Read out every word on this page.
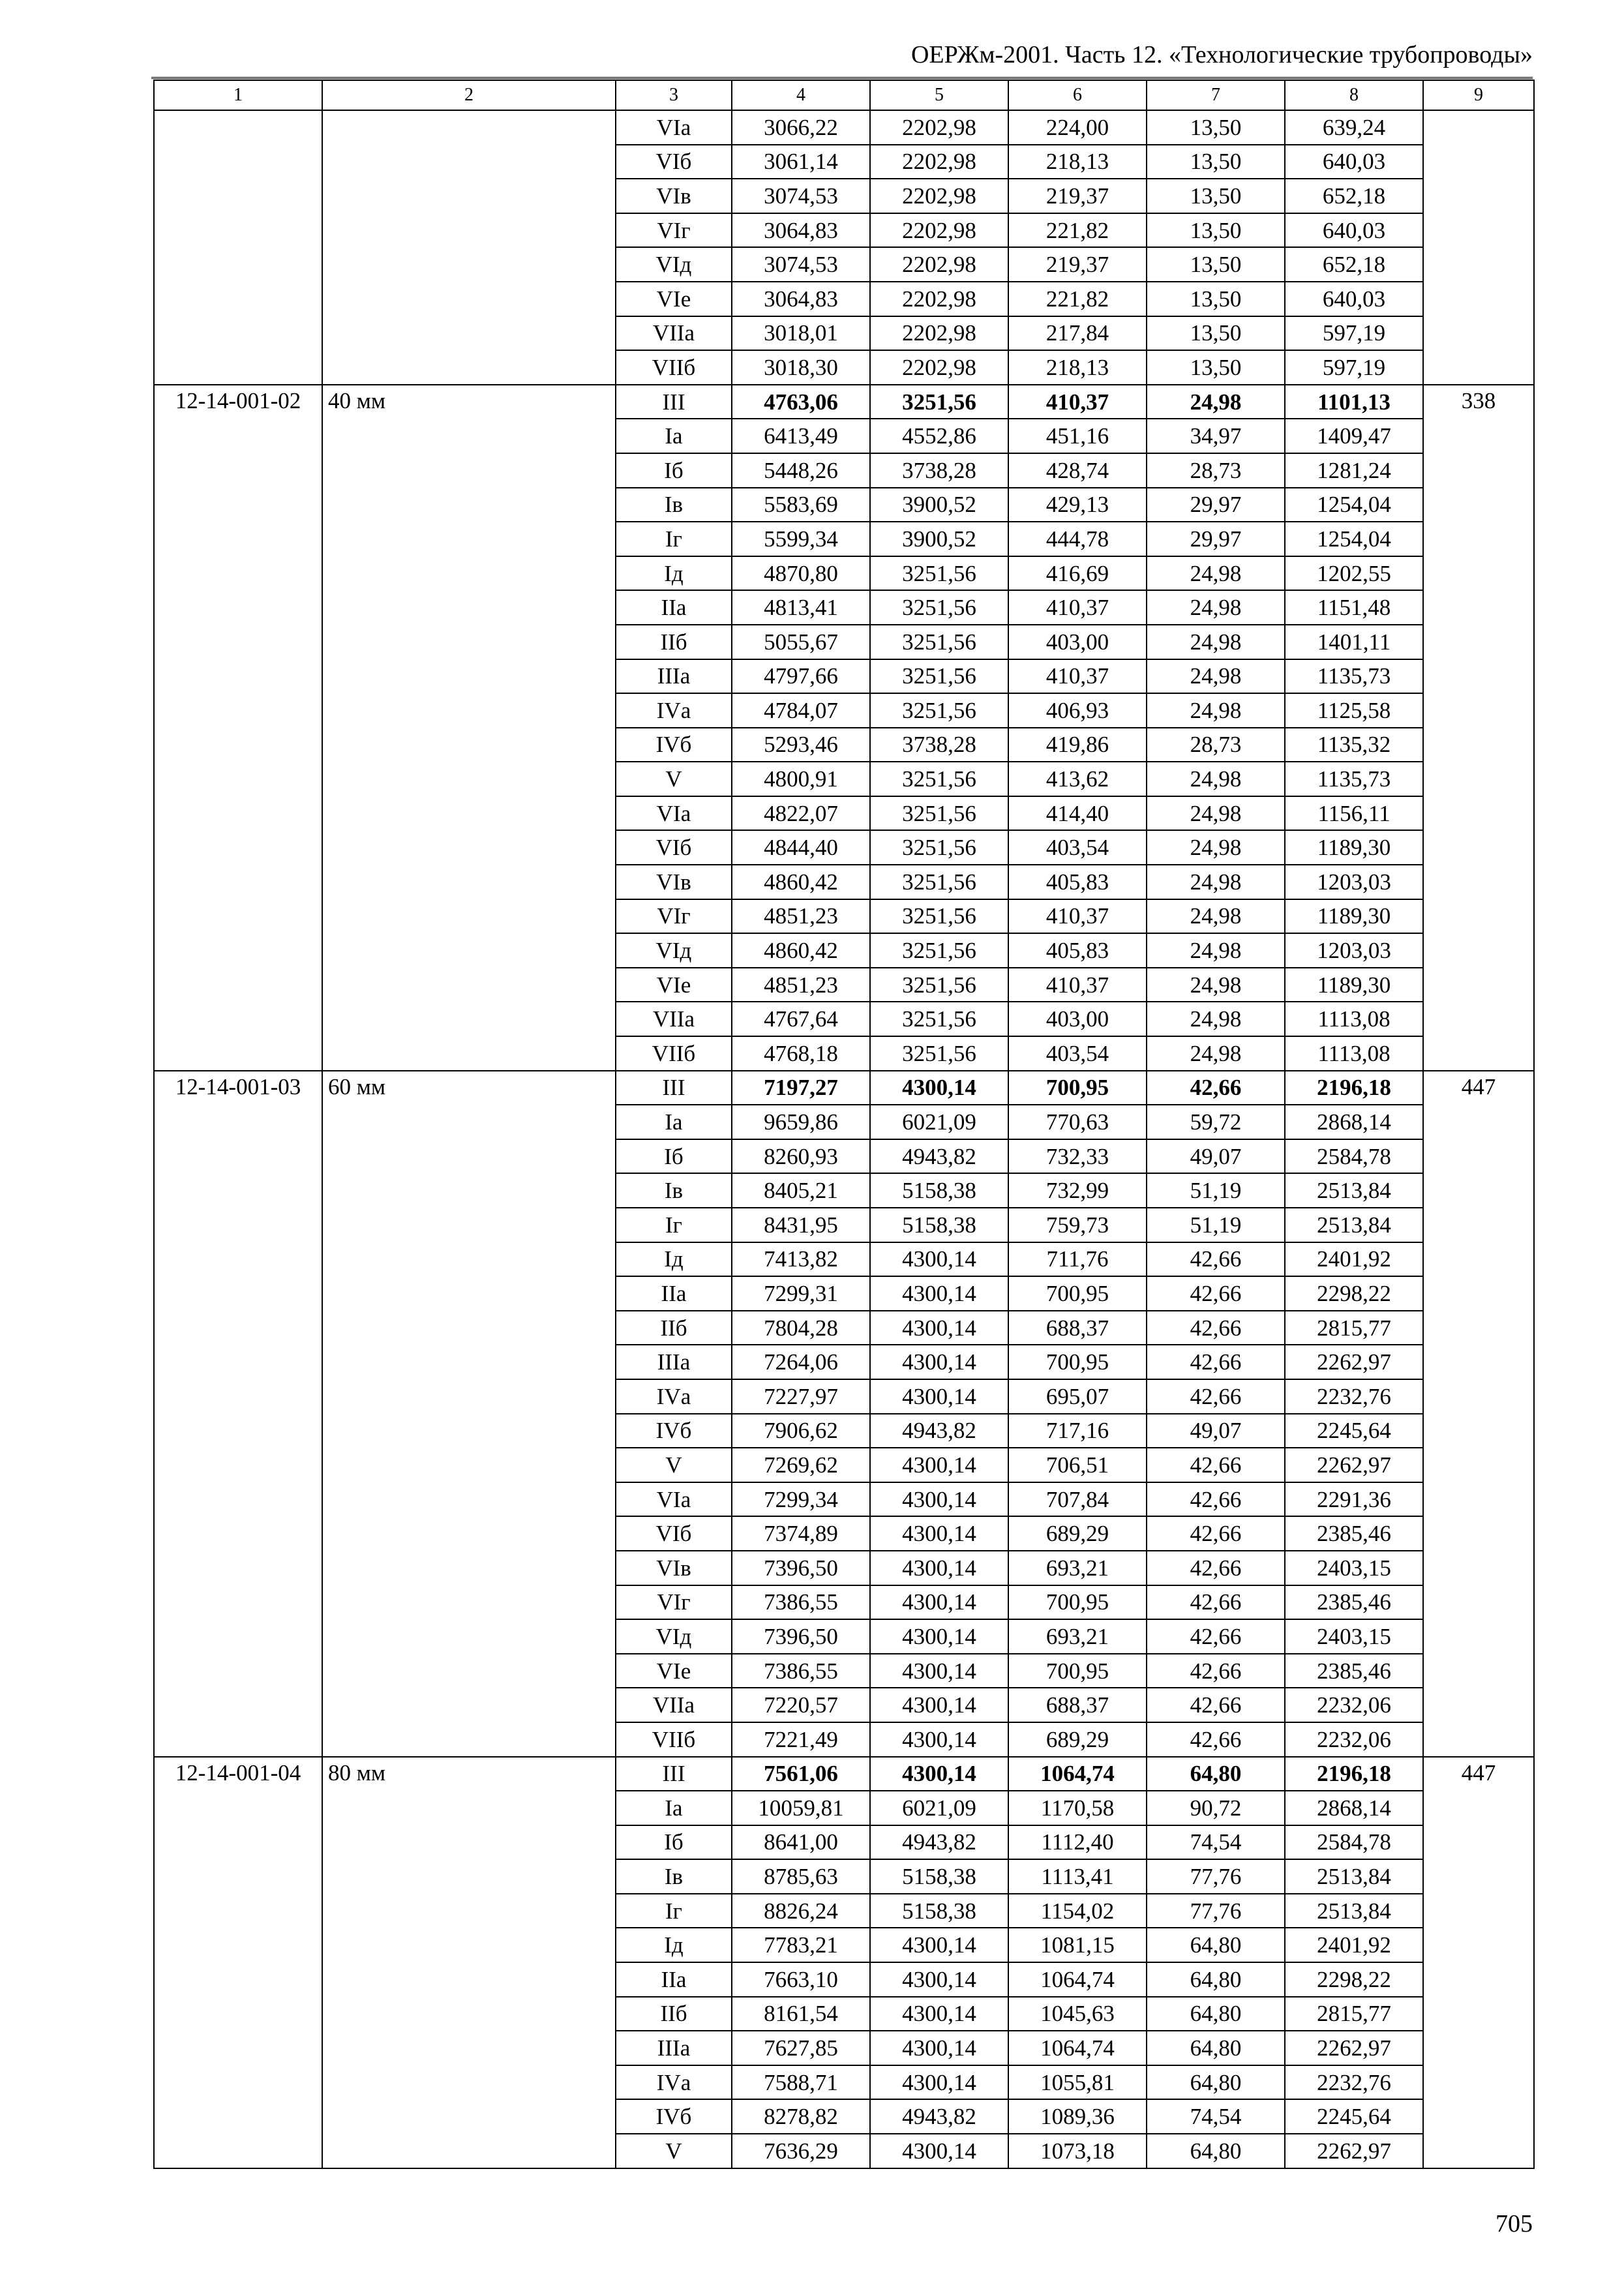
ОЕРЖм-2001. Часть 12. «Технологические трубопроводы»
1	2	3	4	5	6	7	8	9
		VIа	3066,22	2202,98	224,00	13,50	639,24	
		VIб	3061,14	2202,98	218,13	13,50	640,03	
		VIв	3074,53	2202,98	219,37	13,50	652,18	
		VIг	3064,83	2202,98	221,82	13,50	640,03	
		VIд	3074,53	2202,98	219,37	13,50	652,18	
		VIе	3064,83	2202,98	221,82	13,50	640,03	
		VIIа	3018,01	2202,98	217,84	13,50	597,19	
		VIIб	3018,30	2202,98	218,13	13,50	597,19	
12-14-001-02	40 мм	III	4763,06	3251,56	410,37	24,98	1101,13	338
		Iа	6413,49	4552,86	451,16	34,97	1409,47	
		Iб	5448,26	3738,28	428,74	28,73	1281,24	
		Iв	5583,69	3900,52	429,13	29,97	1254,04	
		Iг	5599,34	3900,52	444,78	29,97	1254,04	
		Iд	4870,80	3251,56	416,69	24,98	1202,55	
		IIа	4813,41	3251,56	410,37	24,98	1151,48	
		IIб	5055,67	3251,56	403,00	24,98	1401,11	
		IIIа	4797,66	3251,56	410,37	24,98	1135,73	
		IVа	4784,07	3251,56	406,93	24,98	1125,58	
		IVб	5293,46	3738,28	419,86	28,73	1135,32	
		V	4800,91	3251,56	413,62	24,98	1135,73	
		VIа	4822,07	3251,56	414,40	24,98	1156,11	
		VIб	4844,40	3251,56	403,54	24,98	1189,30	
		VIв	4860,42	3251,56	405,83	24,98	1203,03	
		VIг	4851,23	3251,56	410,37	24,98	1189,30	
		VIд	4860,42	3251,56	405,83	24,98	1203,03	
		VIе	4851,23	3251,56	410,37	24,98	1189,30	
		VIIа	4767,64	3251,56	403,00	24,98	1113,08	
		VIIб	4768,18	3251,56	403,54	24,98	1113,08	
12-14-001-03	60 мм	III	7197,27	4300,14	700,95	42,66	2196,18	447
		Iа	9659,86	6021,09	770,63	59,72	2868,14	
		Iб	8260,93	4943,82	732,33	49,07	2584,78	
		Iв	8405,21	5158,38	732,99	51,19	2513,84	
		Iг	8431,95	5158,38	759,73	51,19	2513,84	
		Iд	7413,82	4300,14	711,76	42,66	2401,92	
		IIа	7299,31	4300,14	700,95	42,66	2298,22	
		IIб	7804,28	4300,14	688,37	42,66	2815,77	
		IIIа	7264,06	4300,14	700,95	42,66	2262,97	
		IVа	7227,97	4300,14	695,07	42,66	2232,76	
		IVб	7906,62	4943,82	717,16	49,07	2245,64	
		V	7269,62	4300,14	706,51	42,66	2262,97	
		VIа	7299,34	4300,14	707,84	42,66	2291,36	
		VIб	7374,89	4300,14	689,29	42,66	2385,46	
		VIв	7396,50	4300,14	693,21	42,66	2403,15	
		VIг	7386,55	4300,14	700,95	42,66	2385,46	
		VIд	7396,50	4300,14	693,21	42,66	2403,15	
		VIе	7386,55	4300,14	700,95	42,66	2385,46	
		VIIа	7220,57	4300,14	688,37	42,66	2232,06	
		VIIб	7221,49	4300,14	689,29	42,66	2232,06	
12-14-001-04	80 мм	III	7561,06	4300,14	1064,74	64,80	2196,18	447
		Iа	10059,81	6021,09	1170,58	90,72	2868,14	
		Iб	8641,00	4943,82	1112,40	74,54	2584,78	
		Iв	8785,63	5158,38	1113,41	77,76	2513,84	
		Iг	8826,24	5158,38	1154,02	77,76	2513,84	
		Iд	7783,21	4300,14	1081,15	64,80	2401,92	
		IIа	7663,10	4300,14	1064,74	64,80	2298,22	
		IIб	8161,54	4300,14	1045,63	64,80	2815,77	
		IIIа	7627,85	4300,14	1064,74	64,80	2262,97	
		IVа	7588,71	4300,14	1055,81	64,80	2232,76	
		IVб	8278,82	4943,82	1089,36	74,54	2245,64	
		V	7636,29	4300,14	1073,18	64,80	2262,97	
705
